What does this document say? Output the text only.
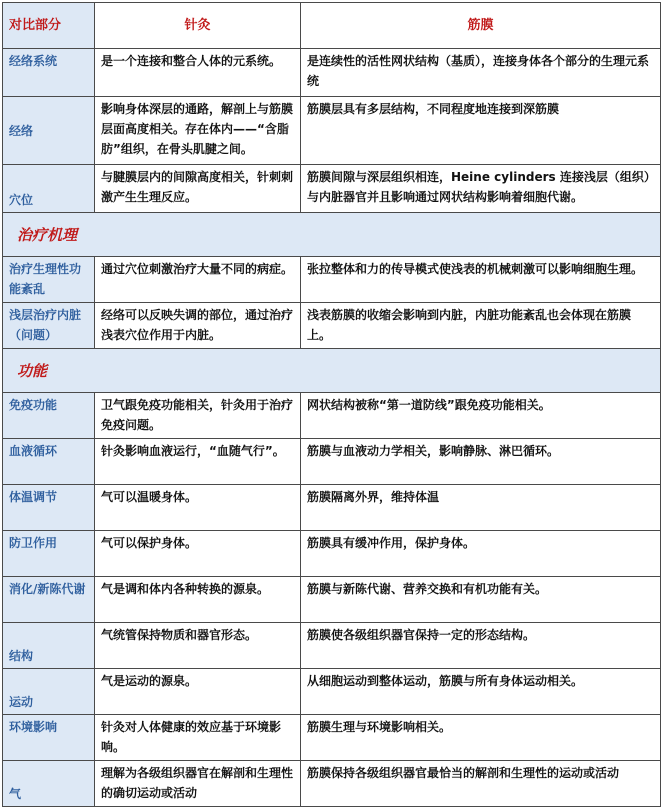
对比部分	针灸	筋膜
经络系统	是一个连接和整合人体的元系统。	是连续性的活性网状结构（基质），连接身体各个部分的生理元系统
经络	影响身体深层的通路，解剖上与筋膜层面高度相关。存在体内——“含脂肪”组织，在骨头肌腱之间。	筋膜层具有多层结构，不同程度地连接到深筋膜
穴位	与腱膜层内的间隙高度相关，针刺刺激产生生理反应。	筋膜间隙与深层组织相连，Heine cylinders 连接浅层（组织）与内脏器官并且影响通过网状结构影响着细胞代谢。
治疗机理		
治疗生理性功能紊乱	通过穴位刺激治疗大量不同的病症。	张拉整体和力的传导模式使浅表的机械刺激可以影响细胞生理。
浅层治疗内脏（问题）	经络可以反映失调的部位，通过治疗浅表穴位作用于内脏。	浅表筋膜的收缩会影响到内脏，内脏功能紊乱也会体现在筋膜上。
功能		
免疫功能	卫气跟免疫功能相关，针灸用于治疗免疫问题。	网状结构被称“第一道防线”跟免疫功能相关。
血液循环	针灸影响血液运行，“血随气行”。	筋膜与血液动力学相关，影响静脉、淋巴循环。
体温调节	气可以温暖身体。	筋膜隔离外界，维持体温
防卫作用	气可以保护身体。	筋膜具有缓冲作用，保护身体。
消化/新陈代谢	气是调和体内各种转换的源泉。	筋膜与新陈代谢、营养交换和有机功能有关。
结构	气统管保持物质和器官形态。	筋膜使各级组织器官保持一定的形态结构。
运动	气是运动的源泉。	从细胞运动到整体运动，筋膜与所有身体运动相关。
环境影响	针灸对人体健康的效应基于环境影响。	筋膜生理与环境影响相关。
气	理解为各级组织器官在解剖和生理性的确切运动或活动	筋膜保持各级组织器官最恰当的解剖和生理性的运动或活动
